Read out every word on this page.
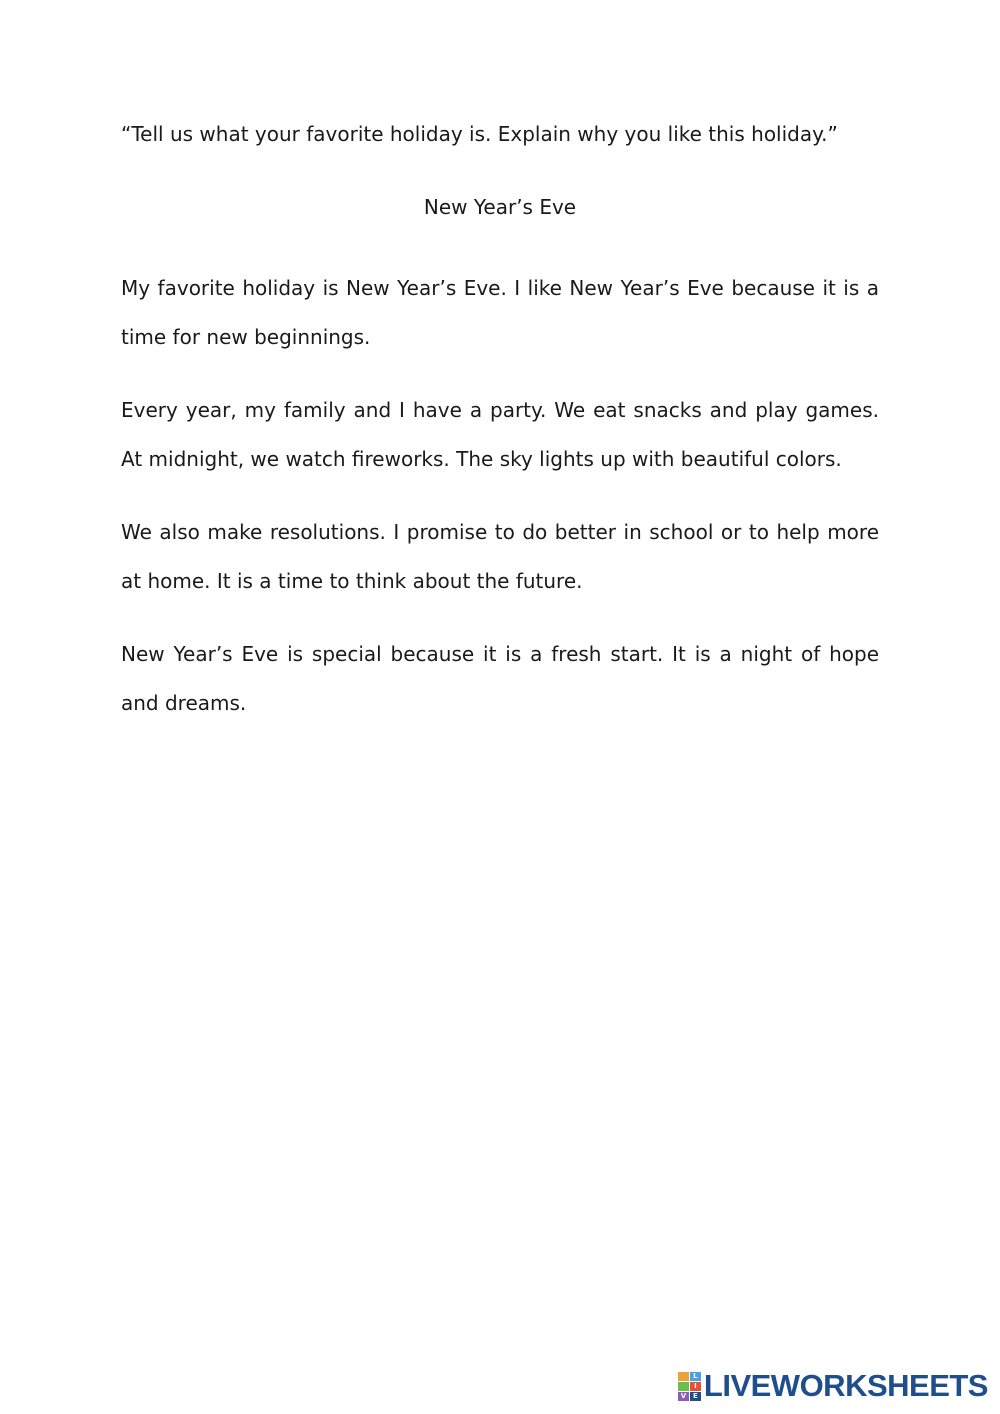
“Tell us what your favorite holiday is. Explain why you like this holiday.”
New Year’s Eve

My favorite holiday is New Year’s Eve. I like New Year’s Eve because it is a time for new beginnings.

Every year, my family and I have a party. We eat snacks and play games. At midnight, we watch fireworks. The sky lights up with beautiful colors.

We also make resolutions. I promise to do better in school or to help more at home. It is a time to think about the future.

New Year’s Eve is special because it is a fresh start. It is a night of hope and dreams.

L
I
V E LIVEWORKSHEETS
